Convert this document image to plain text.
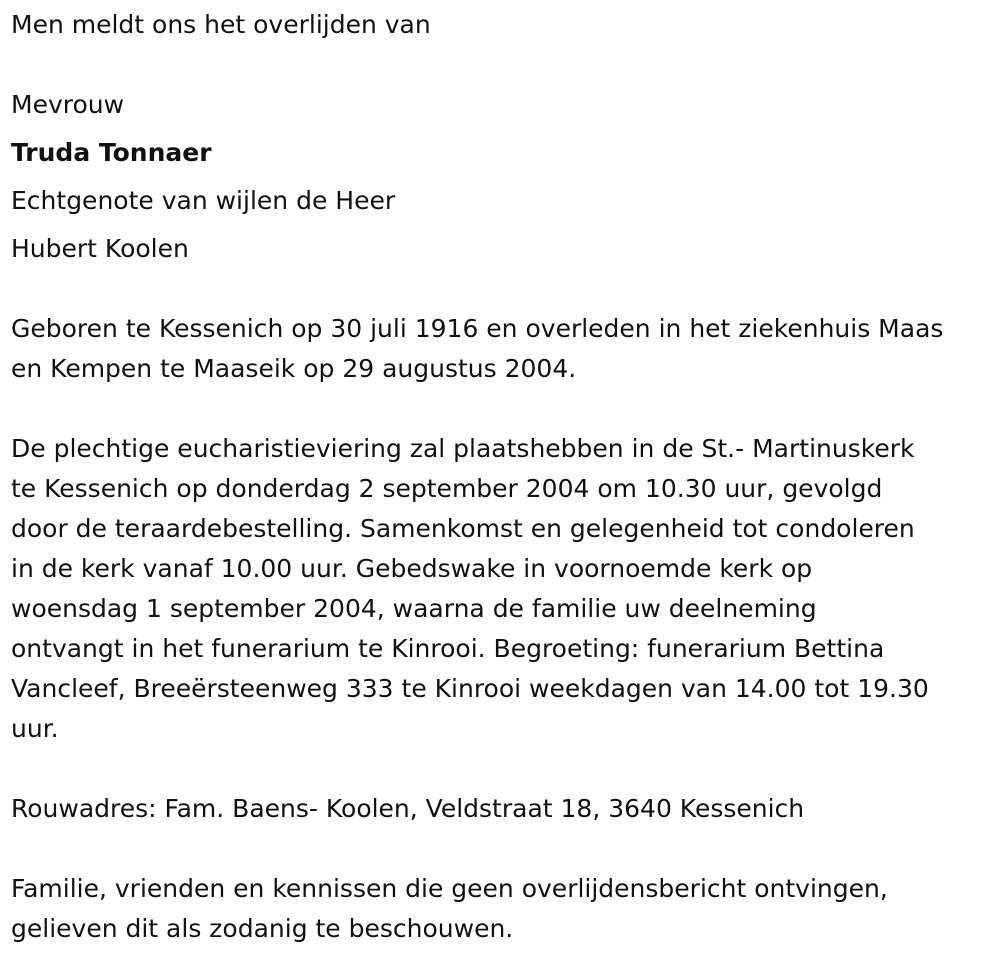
Men meldt ons het overlijden van

Mevrouw

Truda Tonnaer

Echtgenote van wijlen de Heer

Hubert Koolen

Geboren te Kessenich op 30 juli 1916 en overleden in het ziekenhuis Maas

en Kempen te Maaseik op 29 augustus 2004.

De plechtige eucharistieviering zal plaatshebben in de St.- Martinuskerk

te Kessenich op donderdag 2 september 2004 om 10.30 uur, gevolgd

door de teraardebestelling. Samenkomst en gelegenheid tot condoleren

in de kerk vanaf 10.00 uur. Gebedswake in voornoemde kerk op

woensdag 1 september 2004, waarna de familie uw deelneming

ontvangt in het funerarium te Kinrooi. Begroeting: funerarium Bettina

Vancleef, Breeërsteenweg 333 te Kinrooi weekdagen van 14.00 tot 19.30

uur.

Rouwadres: Fam. Baens- Koolen, Veldstraat 18, 3640 Kessenich

Familie, vrienden en kennissen die geen overlijdensbericht ontvingen,

gelieven dit als zodanig te beschouwen.
